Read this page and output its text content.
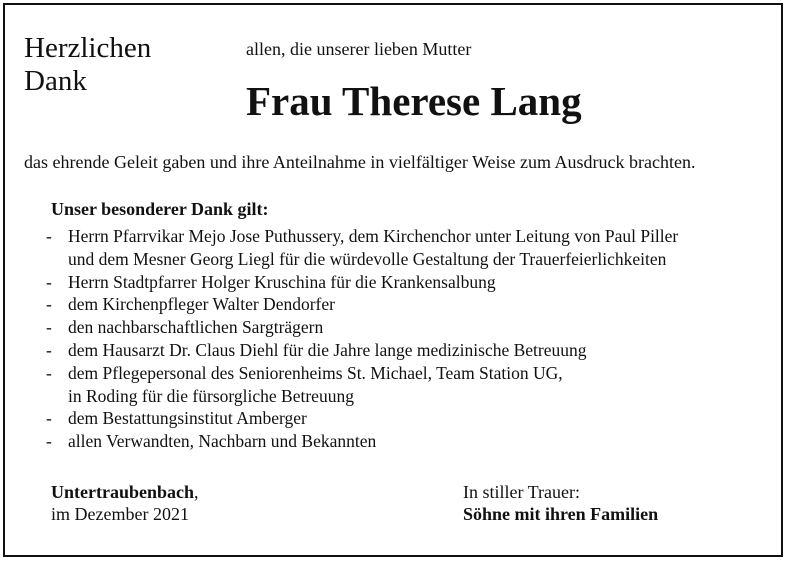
Herzlichen
Dank
allen, die unserer lieben Mutter
Frau Therese Lang
das ehrende Geleit gaben und ihre Anteilnahme in vielfältiger Weise zum Ausdruck brachten.
Unser besonderer Dank gilt:
- Herrn Pfarrvikar Mejo Jose Puthussery, dem Kirchenchor unter Leitung von Paul Piller
und dem Mesner Georg Liegl für die würdevolle Gestaltung der Trauerfeierlichkeiten
- Herrn Stadtpfarrer Holger Kruschina für die Krankensalbung
- dem Kirchenpfleger Walter Dendorfer
- den nachbarschaftlichen Sargträgern
- dem Hausarzt Dr. Claus Diehl für die Jahre lange medizinische Betreuung
- dem Pflegepersonal des Seniorenheims St. Michael, Team Station UG,
in Roding für die fürsorgliche Betreuung
- dem Bestattungsinstitut Amberger
- allen Verwandten, Nachbarn und Bekannten
Untertraubenbach,
im Dezember 2021
In stiller Trauer:
Söhne mit ihren Familien
